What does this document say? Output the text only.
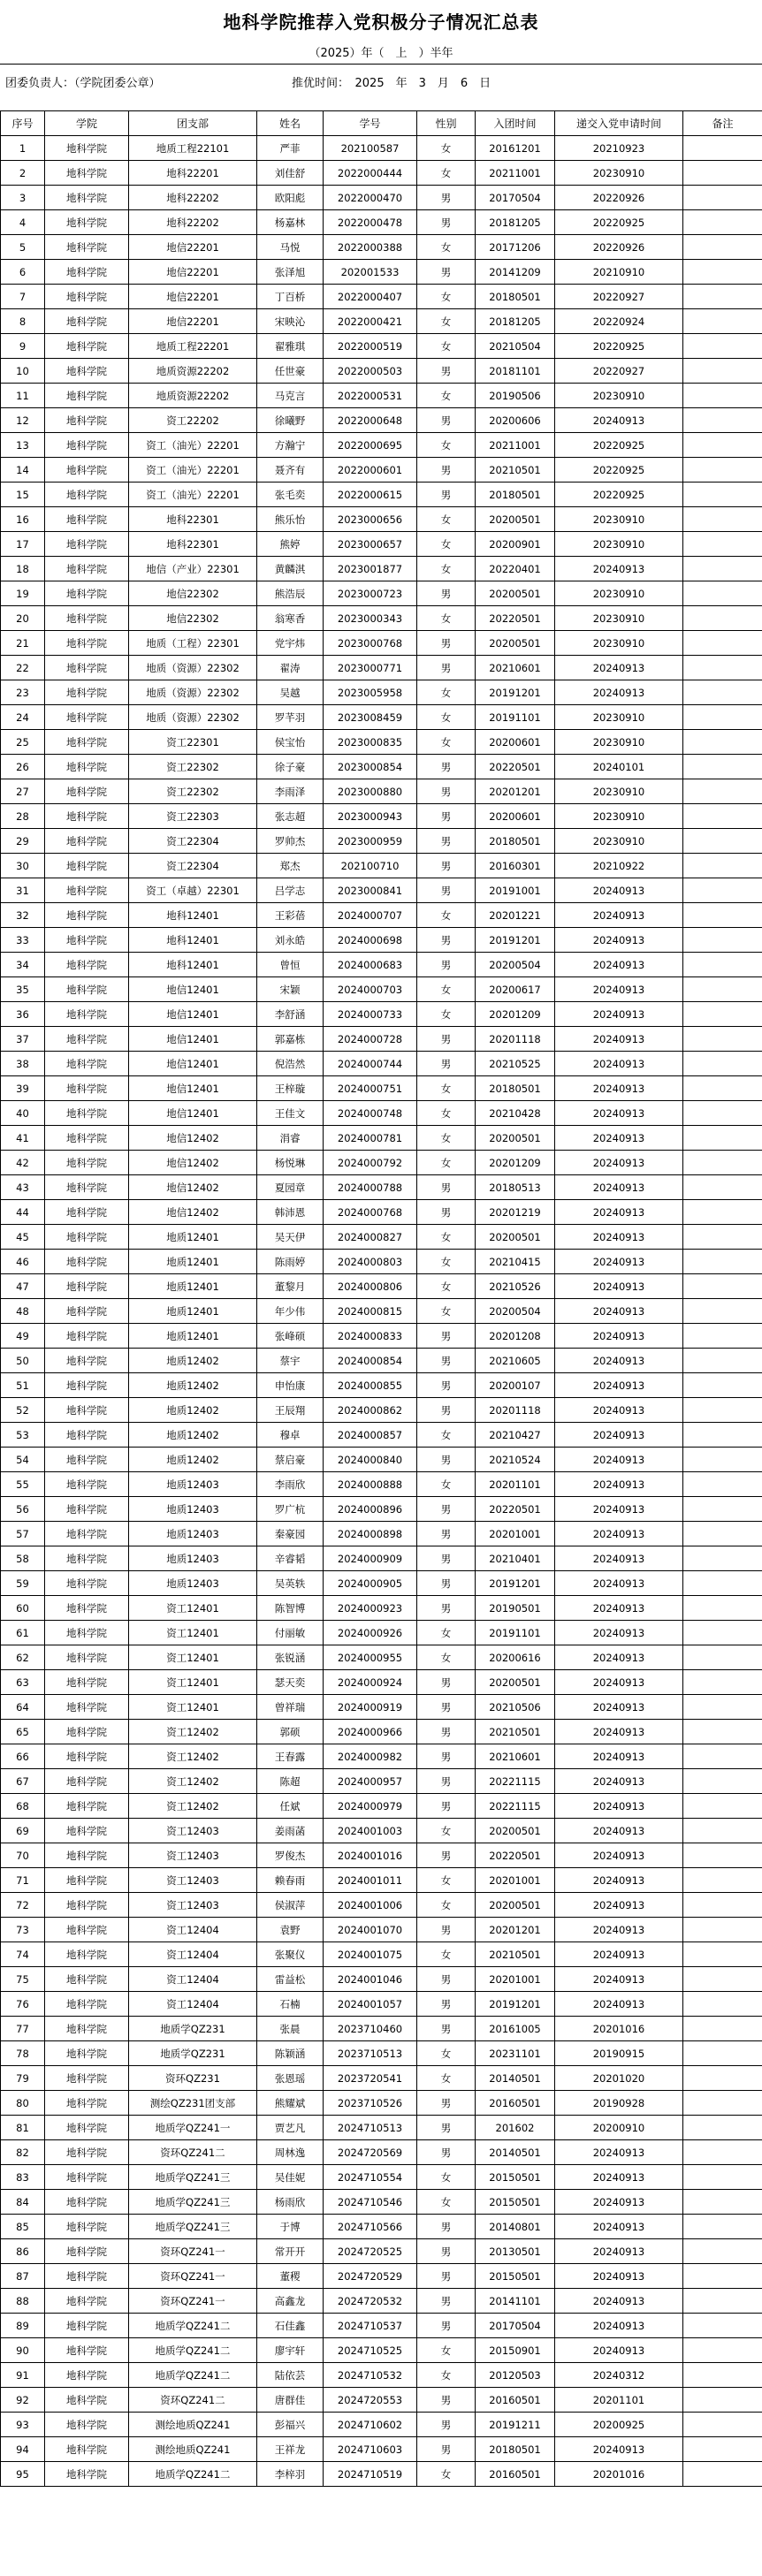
地科学院推荐入党积极分子情况汇总表
（2025）年（　上　）半年
团委负责人：（学院团委公章）	推优时间：　2025　年　3　月　6　日
序号	学院	团支部	姓名	学号	性别	入团时间	递交入党申请时间	备注
1	地科学院	地质工程22101	严菲	202100587	女	20161201	20210923	
2	地科学院	地科22201	刘佳舒	2022000444	女	20211001	20230910	
3	地科学院	地科22202	欧阳彪	2022000470	男	20170504	20220926	
4	地科学院	地科22202	杨嘉林	2022000478	男	20181205	20220925	
5	地科学院	地信22201	马悦	2022000388	女	20171206	20220926	
6	地科学院	地信22201	张泽旭	202001533	男	20141209	20210910	
7	地科学院	地信22201	丁百桥	2022000407	女	20180501	20220927	
8	地科学院	地信22201	宋映沁	2022000421	女	20181205	20220924	
9	地科学院	地质工程22201	翟雅琪	2022000519	女	20210504	20220925	
10	地科学院	地质资源22202	任世豪	2022000503	男	20181101	20220927	
11	地科学院	地质资源22202	马克言	2022000531	女	20190506	20230910	
12	地科学院	资工22202	徐曦野	2022000648	男	20200606	20240913	
13	地科学院	资工（油光）22201	方瀚宁	2022000695	女	20211001	20220925	
14	地科学院	资工（油光）22201	聂齐有	2022000601	男	20210501	20220925	
15	地科学院	资工（油光）22201	张毛奕	2022000615	男	20180501	20220925	
16	地科学院	地科22301	熊乐怡	2023000656	女	20200501	20230910	
17	地科学院	地科22301	熊婷	2023000657	女	20200901	20230910	
18	地科学院	地信（产业）22301	黄麟淇	2023001877	女	20220401	20240913	
19	地科学院	地信22302	熊浩辰	2023000723	男	20200501	20230910	
20	地科学院	地信22302	翁寒香	2023000343	女	20220501	20230910	
21	地科学院	地质（工程）22301	党宇炜	2023000768	男	20200501	20230910	
22	地科学院	地质（资源）22302	翟涛	2023000771	男	20210601	20240913	
23	地科学院	地质（资源）22302	吴越	2023005958	女	20191201	20240913	
24	地科学院	地质（资源）22302	罗芊羽	2023008459	女	20191101	20230910	
25	地科学院	资工22301	侯宝怡	2023000835	女	20200601	20230910	
26	地科学院	资工22302	徐子豪	2023000854	男	20220501	20240101	
27	地科学院	资工22302	李雨泽	2023000880	男	20201201	20230910	
28	地科学院	资工22303	张志超	2023000943	男	20200601	20230910	
29	地科学院	资工22304	罗帅杰	2023000959	男	20180501	20230910	
30	地科学院	资工22304	郑杰	202100710	男	20160301	20210922	
31	地科学院	资工（卓越）22301	吕学志	2023000841	男	20191001	20240913	
32	地科学院	地科12401	王彩蓓	2024000707	女	20201221	20240913	
33	地科学院	地科12401	刘永皓	2024000698	男	20191201	20240913	
34	地科学院	地科12401	曾恒	2024000683	男	20200504	20240913	
35	地科学院	地信12401	宋颖	2024000703	女	20200617	20240913	
36	地科学院	地信12401	李舒涵	2024000733	女	20201209	20240913	
37	地科学院	地信12401	郭嘉栋	2024000728	男	20201118	20240913	
38	地科学院	地信12401	倪浩然	2024000744	男	20210525	20240913	
39	地科学院	地信12401	王梓璇	2024000751	女	20180501	20240913	
40	地科学院	地信12401	王佳文	2024000748	女	20210428	20240913	
41	地科学院	地信12402	涓睿	2024000781	女	20200501	20240913	
42	地科学院	地信12402	杨悦琳	2024000792	女	20201209	20240913	
43	地科学院	地信12402	夏园章	2024000788	男	20180513	20240913	
44	地科学院	地信12402	韩沛恩	2024000768	男	20201219	20240913	
45	地科学院	地质12401	吴天伊	2024000827	女	20200501	20240913	
46	地科学院	地质12401	陈雨婷	2024000803	女	20210415	20240913	
47	地科学院	地质12401	董黎月	2024000806	女	20210526	20240913	
48	地科学院	地质12401	年少伟	2024000815	女	20200504	20240913	
49	地科学院	地质12401	张峰硕	2024000833	男	20201208	20240913	
50	地科学院	地质12402	蔡宇	2024000854	男	20210605	20240913	
51	地科学院	地质12402	申怡康	2024000855	男	20200107	20240913	
52	地科学院	地质12402	王辰翔	2024000862	男	20201118	20240913	
53	地科学院	地质12402	穆卓	2024000857	女	20210427	20240913	
54	地科学院	地质12402	蔡启豪	2024000840	男	20210524	20240913	
55	地科学院	地质12403	李雨欣	2024000888	女	20201101	20240913	
56	地科学院	地质12403	罗广杭	2024000896	男	20220501	20240913	
57	地科学院	地质12403	秦豪园	2024000898	男	20201001	20240913	
58	地科学院	地质12403	辛睿韬	2024000909	男	20210401	20240913	
59	地科学院	地质12403	吴英轶	2024000905	男	20191201	20240913	
60	地科学院	资工12401	陈智博	2024000923	男	20190501	20240913	
61	地科学院	资工12401	付丽敏	2024000926	女	20191101	20240913	
62	地科学院	资工12401	张锐涵	2024000955	女	20200616	20240913	
63	地科学院	资工12401	瑟天奕	2024000924	男	20200501	20240913	
64	地科学院	资工12401	曾祥瑞	2024000919	男	20210506	20240913	
65	地科学院	资工12402	郭硕	2024000966	男	20210501	20240913	
66	地科学院	资工12402	王春露	2024000982	男	20210601	20240913	
67	地科学院	资工12402	陈超	2024000957	男	20221115	20240913	
68	地科学院	资工12402	任斌	2024000979	男	20221115	20240913	
69	地科学院	资工12403	姜雨菡	2024001003	女	20200501	20240913	
70	地科学院	资工12403	罗俊杰	2024001016	男	20220501	20240913	
71	地科学院	资工12403	赖春雨	2024001011	女	20201001	20240913	
72	地科学院	资工12403	侯淑萍	2024001006	女	20200501	20240913	
73	地科学院	资工12404	袁野	2024001070	男	20201201	20240913	
74	地科学院	资工12404	张聚仪	2024001075	女	20210501	20240913	
75	地科学院	资工12404	雷益松	2024001046	男	20201001	20240913	
76	地科学院	资工12404	石楠	2024001057	男	20191201	20240913	
77	地科学院	地质学QZ231	张晨	2023710460	男	20161005	20201016	
78	地科学院	地质学QZ231	陈颖涵	2023710513	女	20231101	20190915	
79	地科学院	资环QZ231	张恩瑶	2023720541	女	20140501	20201020	
80	地科学院	测绘QZ231团支部	熊耀斌	2023710526	男	20160501	20190928	
81	地科学院	地质学QZ241一	贾艺凡	2024710513	男	201602	20200910	
82	地科学院	资环QZ241二	周林逸	2024720569	男	20140501	20240913	
83	地科学院	地质学QZ241三	吴佳妮	2024710554	女	20150501	20240913	
84	地科学院	地质学QZ241三	杨雨欣	2024710546	女	20150501	20240913	
85	地科学院	地质学QZ241三	于博	2024710566	男	20140801	20240913	
86	地科学院	资环QZ241一	常开开	2024720525	男	20130501	20240913	
87	地科学院	资环QZ241一	董稷	2024720529	男	20150501	20240913	
88	地科学院	资环QZ241一	高鑫龙	2024720532	男	20141101	20240913	
89	地科学院	地质学QZ241二	石佳鑫	2024710537	男	20170504	20240913	
90	地科学院	地质学QZ241二	廖宇轩	2024710525	女	20150901	20240913	
91	地科学院	地质学QZ241二	陆依芸	2024710532	女	20120503	20240312	
92	地科学院	资环QZ241二	唐群佳	2024720553	男	20160501	20201101	
93	地科学院	测绘地质QZ241	彭福兴	2024710602	男	20191211	20200925	
94	地科学院	测绘地质QZ241	王祥龙	2024710603	男	20180501	20240913	
95	地科学院	地质学QZ241二	李梓羽	2024710519	女	20160501	20201016	
